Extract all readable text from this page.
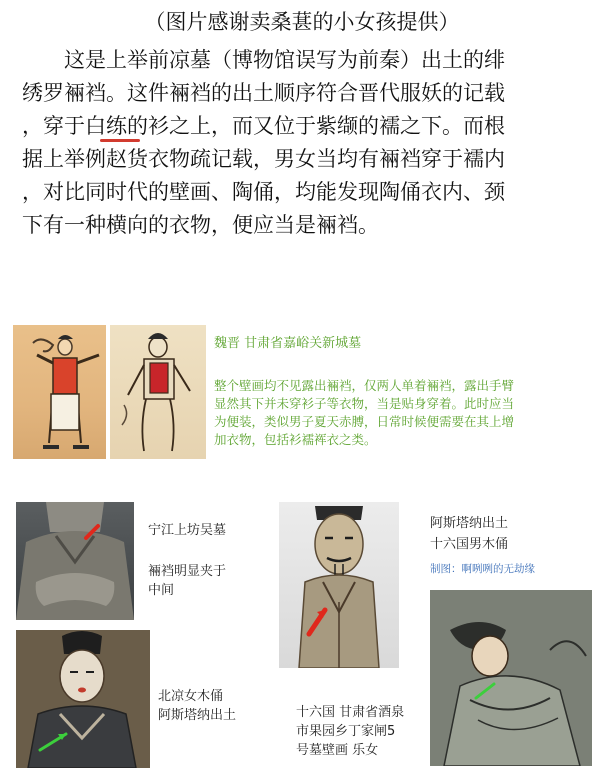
（图片感谢卖桑葚的小女孩提供）
这是上举前凉墓（博物馆误写为前秦）出土的绯
绣罗裲裆。这件裲裆的出土顺序符合晋代服妖的记载
，穿于白练的衫之上，而又位于紫缬的襦之下。而根
据上举例赵货衣物疏记载，男女当均有裲裆穿于襦内
，对比同时代的壁画、陶俑，均能发现陶俑衣内、颈
下有一种横向的衣物，便应当是裲裆。
魏晋 甘肃省嘉峪关新城墓
整个壁画均不见露出裲裆，仅两人单着裲裆，露出手臂
显然其下并未穿衫子等衣物，当是贴身穿着。此时应当
为便装，类似男子夏天赤膊，日常时候便需要在其上增
加衣物，包括衫襦裈衣之类。
宁江上坊吴墓
裲裆明显夹于
中间
阿斯塔纳出土
十六国男木俑
制图：啊咧咧的无劫缘
北凉女木俑
阿斯塔纳出土	十六国 甘肃省酒泉
市果园乡丁家闸5
号墓壁画 乐女
